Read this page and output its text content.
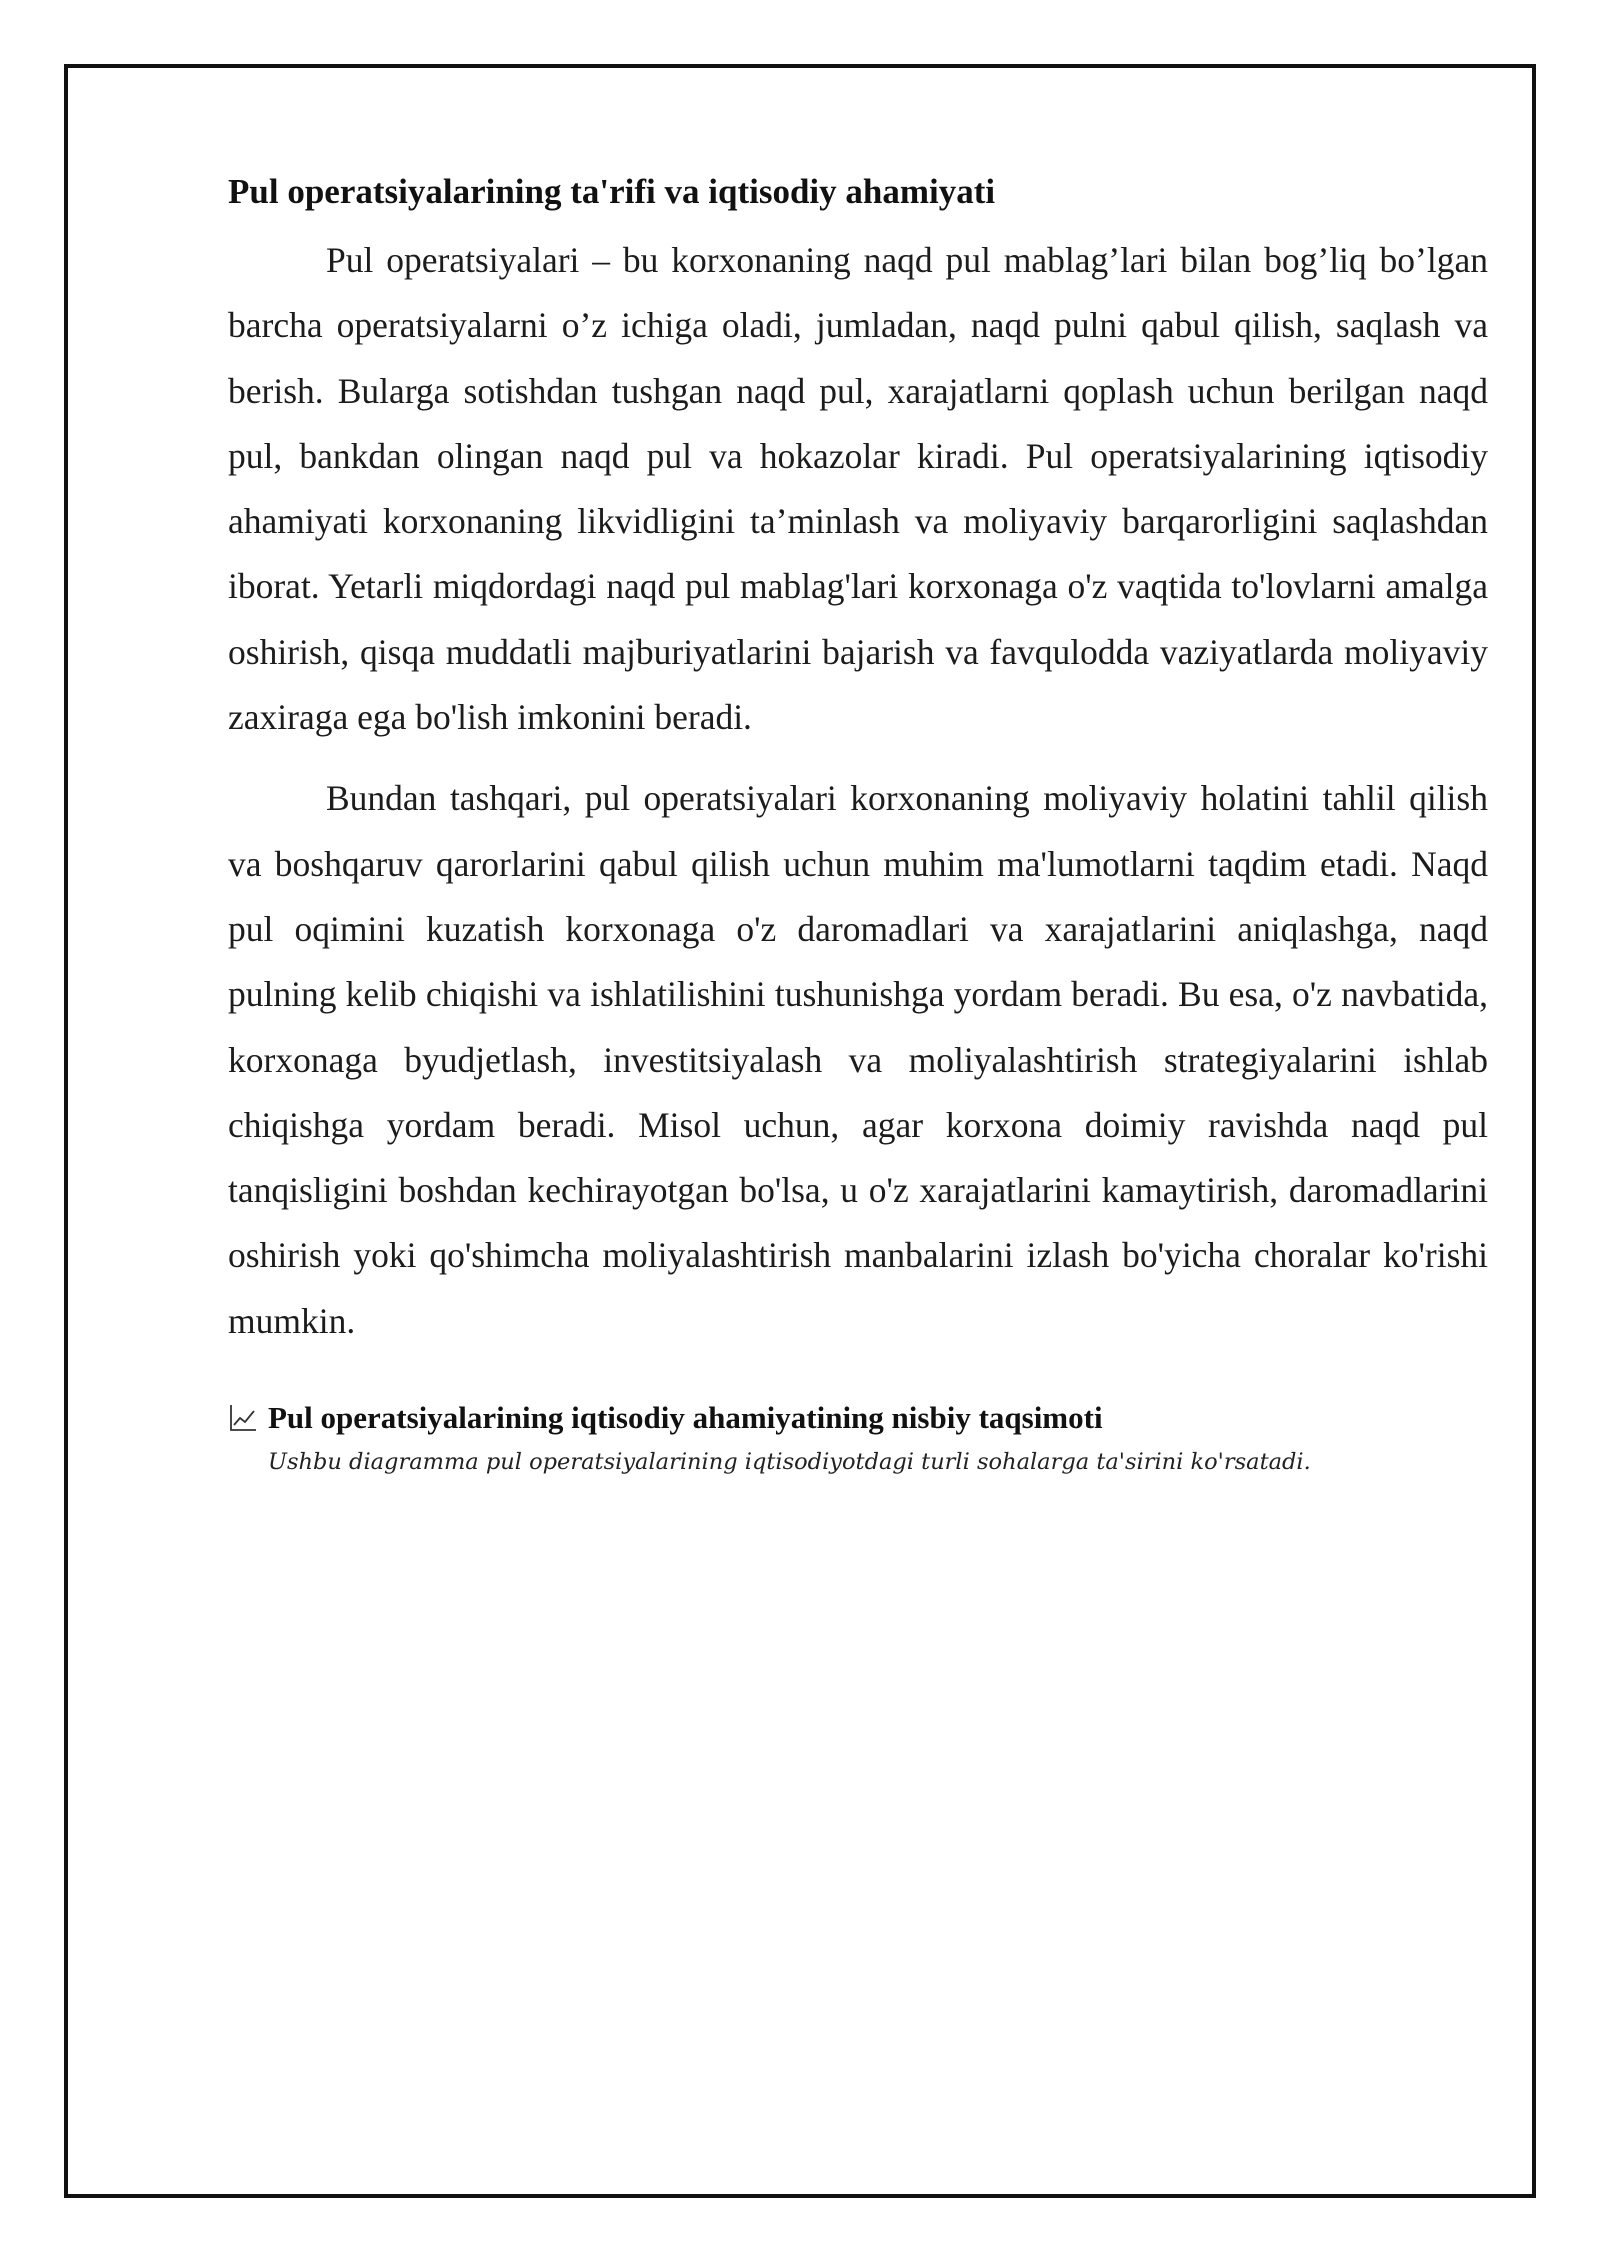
Pul operatsiyalarining ta'rifi va iqtisodiy ahamiyati

Pul operatsiyalari – bu korxonaning naqd pul mablag’lari bilan bog’liq bo’lgan barcha operatsiyalarni o’z ichiga oladi, jumladan, naqd pulni qabul qilish, saqlash va berish. Bularga sotishdan tushgan naqd pul, xarajatlarni qoplash uchun berilgan naqd pul, bankdan olingan naqd pul va hokazolar kiradi. Pul operatsiyalarining iqtisodiy ahamiyati korxonaning likvidligini ta’minlash va moliyaviy barqarorligini saqlashdan iborat. Yetarli miqdordagi naqd pul mablag'lari korxonaga o'z vaqtida to'lovlarni amalga oshirish, qisqa muddatli majburiyatlarini bajarish va favqulodda vaziyatlarda moliyaviy zaxiraga ega bo'lish imkonini beradi.

Bundan tashqari, pul operatsiyalari korxonaning moliyaviy holatini tahlil qilish va boshqaruv qarorlarini qabul qilish uchun muhim ma'lumotlarni taqdim etadi. Naqd pul oqimini kuzatish korxonaga o'z daromadlari va xarajatlarini aniqlashga, naqd pulning kelib chiqishi va ishlatilishini tushunishga yordam beradi. Bu esa, o'z navbatida, korxonaga byudjetlash, investitsiyalash va moliyalashtirish strategiyalarini ishlab chiqishga yordam beradi. Misol uchun, agar korxona doimiy ravishda naqd pul tanqisligini boshdan kechirayotgan bo'lsa, u o'z xarajatlarini kamaytirish, daromadlarini oshirish yoki qo'shimcha moliyalashtirish manbalarini izlash bo'yicha choralar ko'rishi mumkin.

Pul operatsiyalarining iqtisodiy ahamiyatining nisbiy taqsimoti
Ushbu diagramma pul operatsiyalarining iqtisodiyotdagi turli sohalarga ta'sirini ko'rsatadi.
